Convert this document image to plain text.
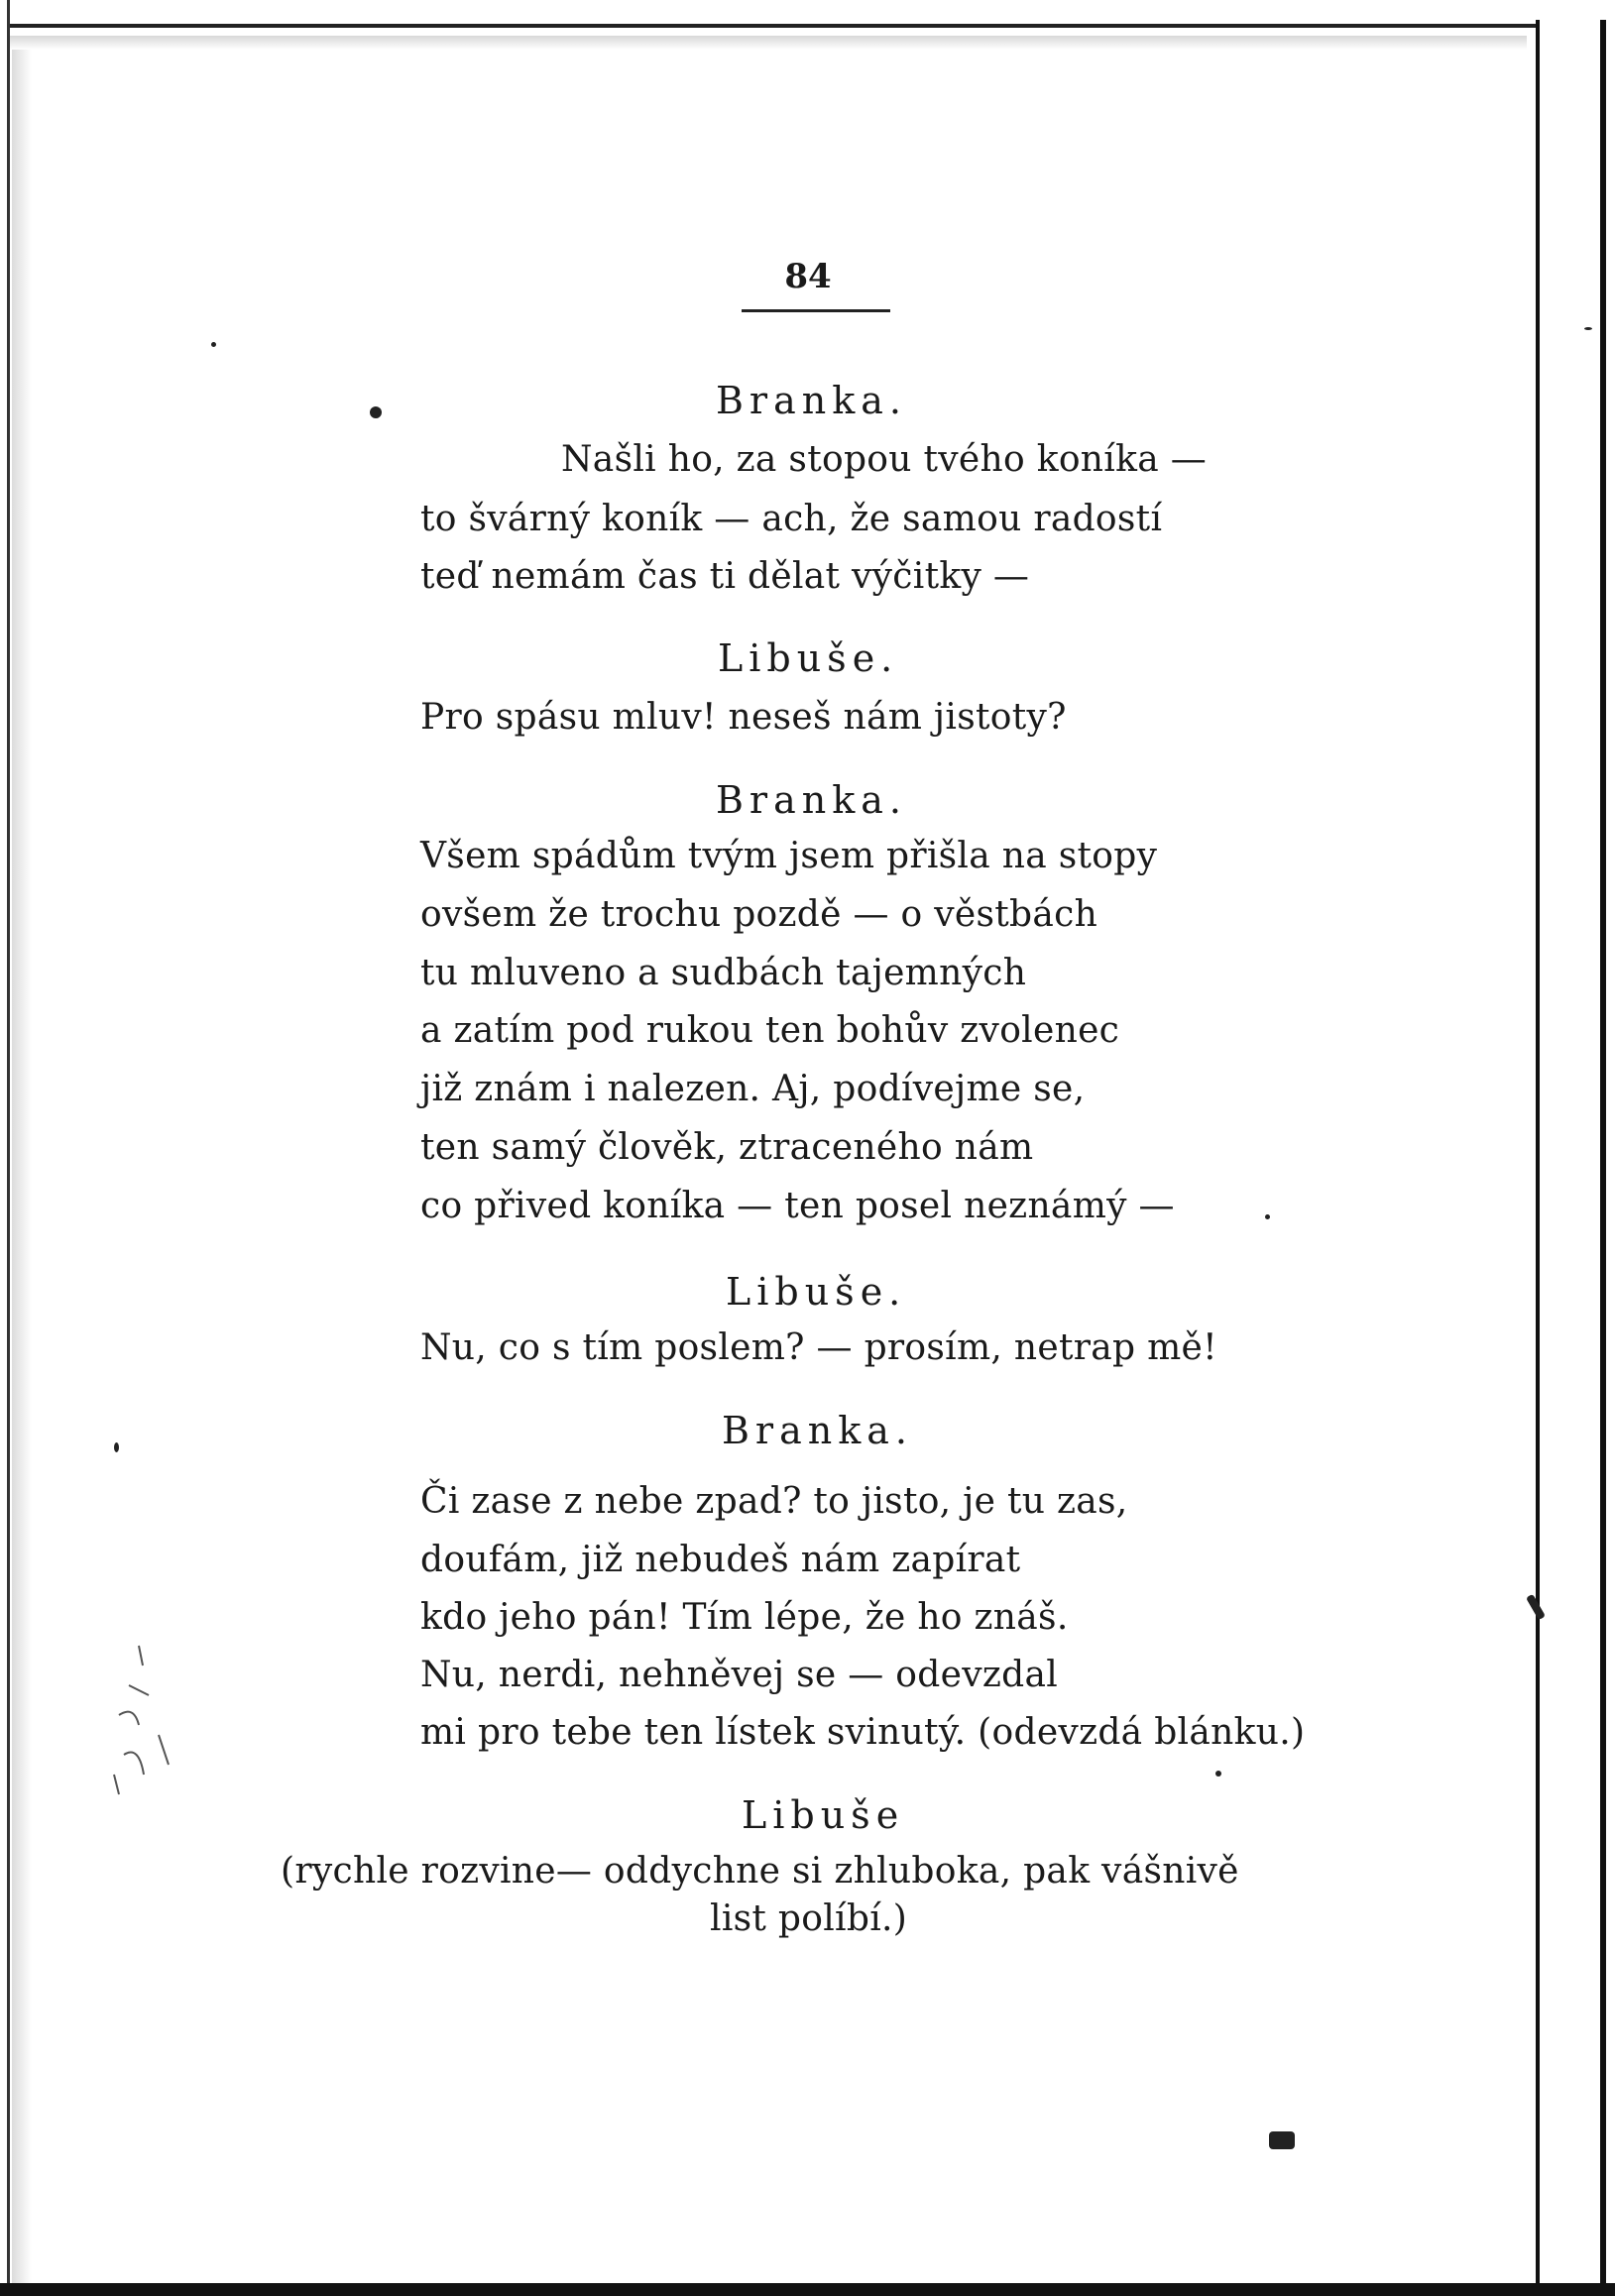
84
Branka.
Našli ho, za stopou tvého koníka —
to švárný koník — ach, že samou radostí
teď nemám čas ti dělat výčitky —
Libuše.
Pro spásu mluv! neseš nám jistoty?
Branka.
Všem spádům tvým jsem přišla na stopy
ovšem že trochu pozdě — o věstbách
tu mluveno a sudbách tajemných
a zatím pod rukou ten bohův zvolenec
již znám i nalezen. Aj, podívejme se,
ten samý člověk, ztraceného nám
co přived koníka — ten posel neznámý —
Libuše.
Nu, co s tím poslem? — prosím, netrap mě!
Branka.
Či zase z nebe zpad? to jisto, je tu zas,
doufám, již nebudeš nám zapírat
kdo jeho pán! Tím lépe, že ho znáš.
Nu, nerdi, nehněvej se — odevzdal
mi pro tebe ten lístek svinutý. (odevzdá blánku.)
Libuše
(rychle rozvine— oddychne si zhluboka, pak vášnivě
list políbí.)
